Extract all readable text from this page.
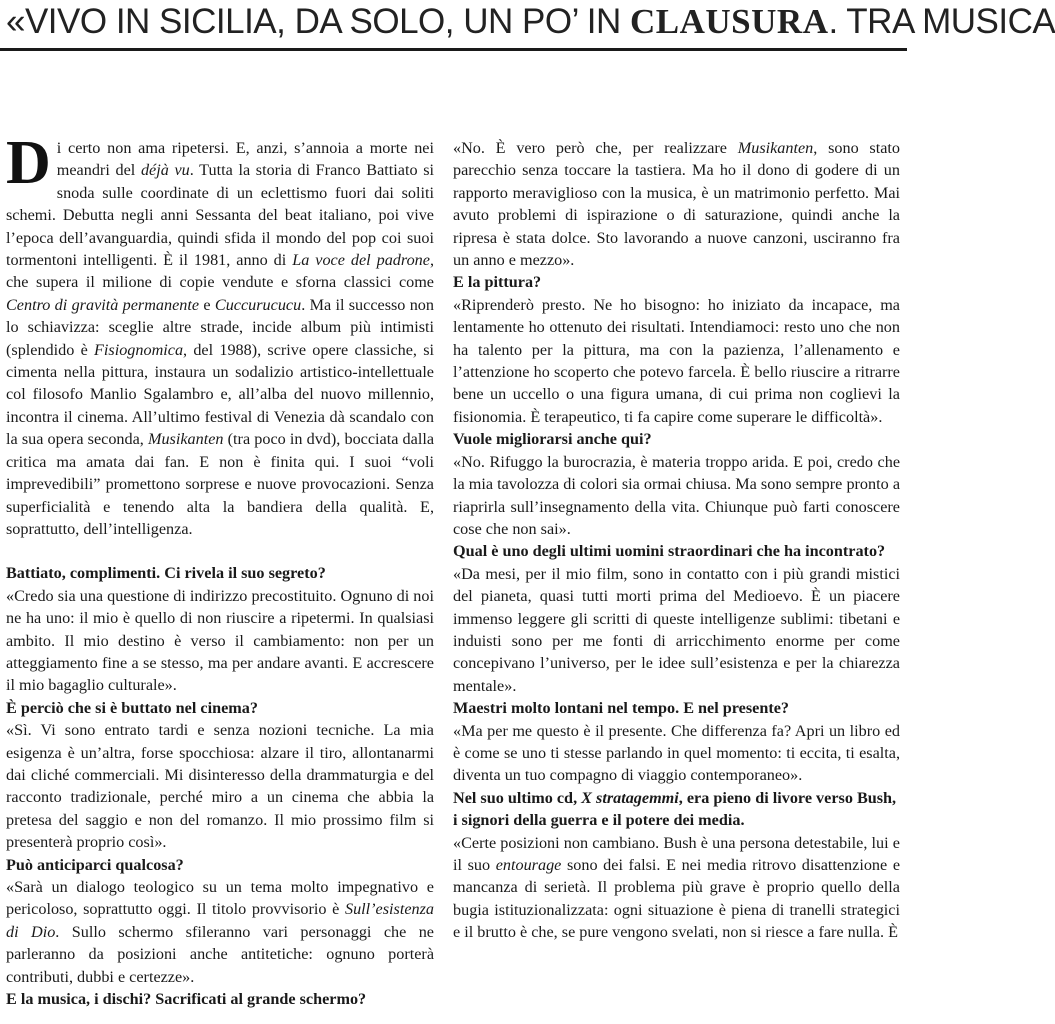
«VIVO IN SICILIA, DA SOLO, UN PO’ IN CLAUSURA. TRA MUSICA

Di certo non ama ripetersi. E, anzi, s’annoia a morte nei meandri del déjà vu. Tutta la storia di Franco Battiato si snoda sulle coordinate di un eclettismo fuori dai soliti schemi. Debutta negli anni Sessanta del beat italiano, poi vive l’epoca dell’avanguardia, quindi sfida il mondo del pop coi suoi tormentoni intelligenti. È il 1981, anno di La voce del padrone, che supera il milione di copie vendute e sforna classici come Centro di gravità permanente e Cuccurucucu. Ma il successo non lo schiavizza: sceglie altre strade, incide album più intimisti (splendido è Fisiognomica, del 1988), scrive opere classiche, si cimenta nella pittura, instaura un sodalizio artistico-intellettuale col filosofo Manlio Sgalambro e, all’alba del nuovo millennio, incontra il cinema. All’ultimo festival di Venezia dà scandalo con la sua opera seconda, Musikanten (tra poco in dvd), bocciata dalla critica ma amata dai fan. E non è finita qui. I suoi “voli imprevedibili” promettono sorprese e nuove provocazioni. Senza superficialità e tenendo alta la bandiera della qualità. E, soprattutto, dell’intelligenza.

Battiato, complimenti. Ci rivela il suo segreto?

«Credo sia una questione di indirizzo precostituito. Ognuno di noi ne ha uno: il mio è quello di non riuscire a ripetermi. In qualsiasi ambito. Il mio destino è verso il cambiamento: non per un atteggiamento fine a se stesso, ma per andare avanti. E accrescere il mio bagaglio culturale».

È perciò che si è buttato nel cinema?

«Sì. Vi sono entrato tardi e senza nozioni tecniche. La mia esigenza è un’altra, forse spocchiosa: alzare il tiro, allontanarmi dai cliché commerciali. Mi disinteresso della drammaturgia e del racconto tradizionale, perché miro a un cinema che abbia la pretesa del saggio e non del romanzo. Il mio prossimo film si presenterà proprio così».

Può anticiparci qualcosa?

«Sarà un dialogo teologico su un tema molto impegnativo e pericoloso, soprattutto oggi. Il titolo provvisorio è Sull’esistenza di Dio. Sullo schermo sfileranno vari personaggi che ne parleranno da posizioni anche antitetiche: ognuno porterà contributi, dubbi e certezze».

E la musica, i dischi? Sacrificati al grande schermo?

«No. È vero però che, per realizzare Musikanten, sono stato parecchio senza toccare la tastiera. Ma ho il dono di godere di un rapporto meraviglioso con la musica, è un matrimonio perfetto. Mai avuto problemi di ispirazione o di saturazione, quindi anche la ripresa è stata dolce. Sto lavorando a nuove canzoni, usciranno fra un anno e mezzo».

E la pittura?

«Riprenderò presto. Ne ho bisogno: ho iniziato da incapace, ma lentamente ho ottenuto dei risultati. Intendiamoci: resto uno che non ha talento per la pittura, ma con la pazienza, l’allenamento e l’attenzione ho scoperto che potevo farcela. È bello riuscire a ritrarre bene un uccello o una figura umana, di cui prima non coglievi la fisionomia. È terapeutico, ti fa capire come superare le difficoltà».

Vuole migliorarsi anche qui?

«No. Rifuggo la burocrazia, è materia troppo arida. E poi, credo che la mia tavolozza di colori sia ormai chiusa. Ma sono sempre pronto a riaprirla sull’insegnamento della vita. Chiunque può farti conoscere cose che non sai».

Qual è uno degli ultimi uomini straordinari che ha incontrato?

«Da mesi, per il mio film, sono in contatto con i più grandi mistici del pianeta, quasi tutti morti prima del Medioevo. È un piacere immenso leggere gli scritti di queste intelligenze sublimi: tibetani e induisti sono per me fonti di arricchimento enorme per come concepivano l’universo, per le idee sull’esistenza e per la chiarezza mentale».

Maestri molto lontani nel tempo. E nel presente?

«Ma per me questo è il presente. Che differenza fa? Apri un libro ed è come se uno ti stesse parlando in quel momento: ti eccita, ti esalta, diventa un tuo compagno di viaggio contemporaneo».

Nel suo ultimo cd, X stratagemmi, era pieno di livore verso Bush, i signori della guerra e il potere dei media.

«Certe posizioni non cambiano. Bush è una persona detestabile, lui e il suo entourage sono dei falsi. E nei media ritrovo disattenzione e mancanza di serietà. Il problema più grave è proprio quello della bugia istituzionalizzata: ogni situazione è piena di tranelli strategici e il brutto è che, se pure vengono svelati, non si riesce a fare nulla. È
